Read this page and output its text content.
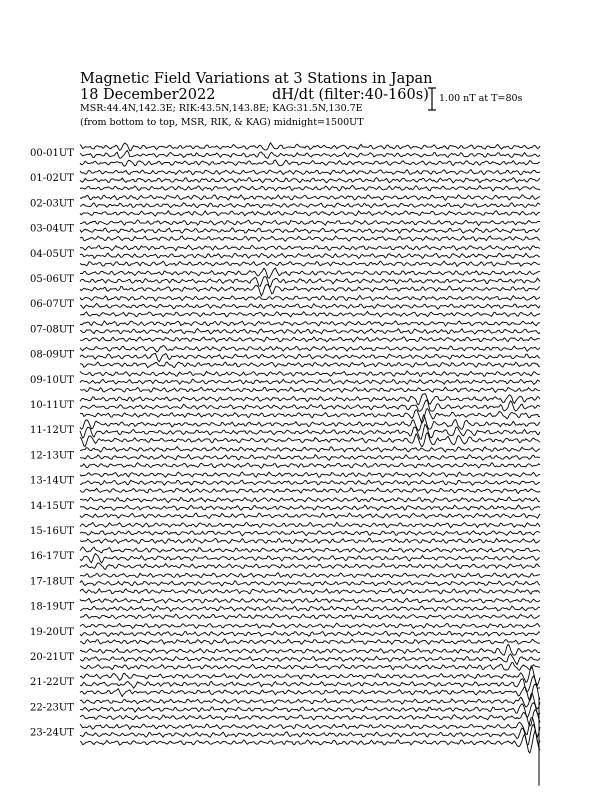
Magnetic Field Variations at 3 Stations in Japan
18 December2022	dH/dt (filter:40-160s)
MSR:44.4N,142.3E; RIK:43.5N,143.8E; KAG:31.5N,130.7E
(from bottom to top, MSR, RIK, & KAG) midnight=1500UT
1.00 nT at T=80s
00-01UT
01-02UT
02-03UT
03-04UT
04-05UT
05-06UT
06-07UT
07-08UT
08-09UT
09-10UT
10-11UT
11-12UT
12-13UT
13-14UT
14-15UT
15-16UT
16-17UT
17-18UT
18-19UT
19-20UT
20-21UT
21-22UT
22-23UT
23-24UT
